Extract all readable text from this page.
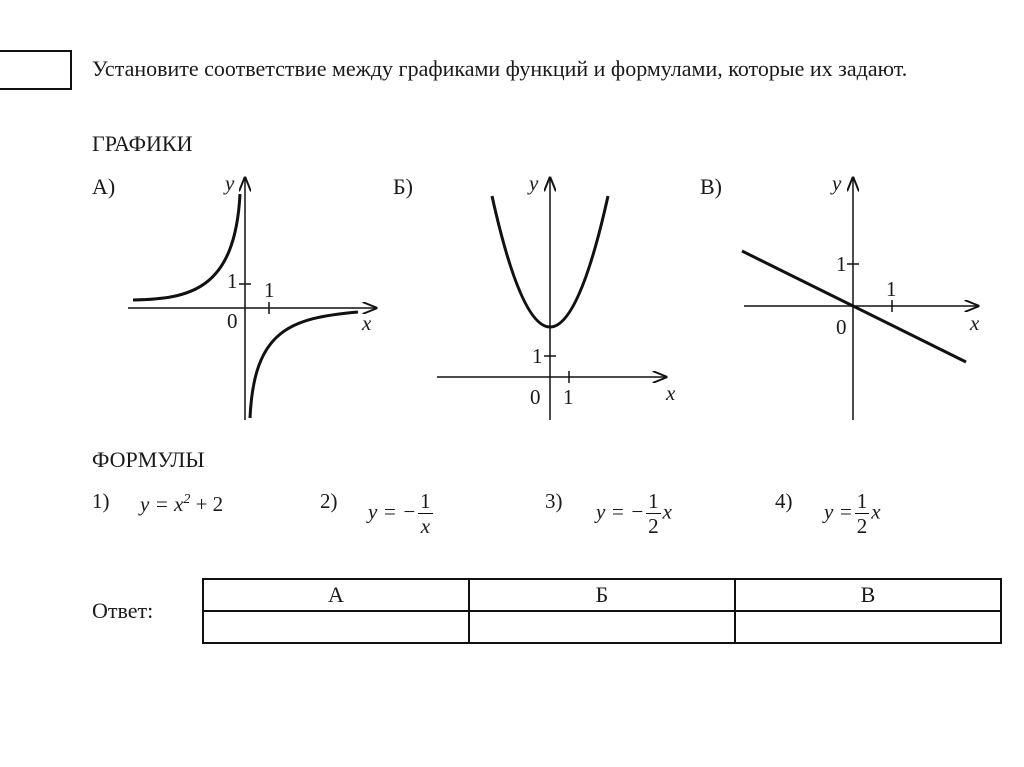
Установите соответствие между графиками функций и формулами, которые их задают.
ГРАФИКИ
А)	Б)	В)
y
x
0
1
1
y
x
0 1
1
y
x
0
1
1
ФОРМУЛЫ
1) $y = x^2 + 2$	2) y = − $\frac{1}{x}$	3) y = − $\frac{1}{2}$ x	4) $y = \frac{1}{2}$ x
Ответ:
А	Б	В
